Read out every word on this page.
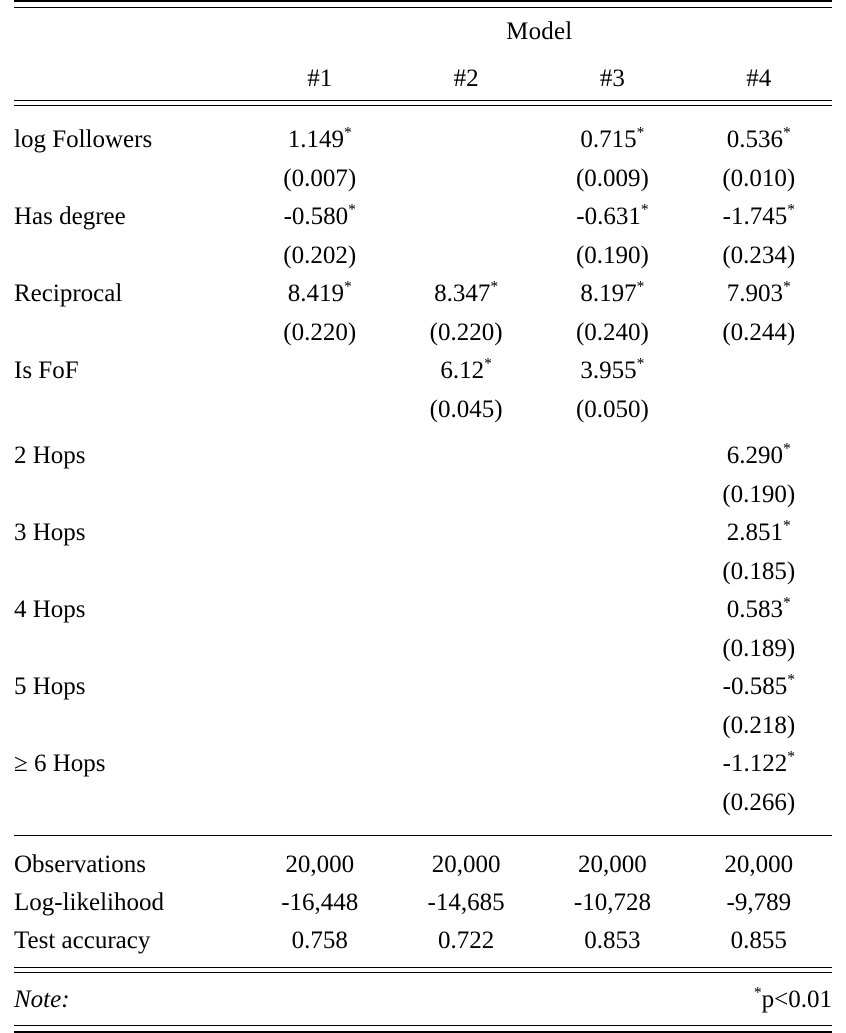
	Model			

	#1	#2	#3	#4

log Followers	1.149*		0.715*	0.536*
	(0.007)		(0.009)	(0.010)
Has degree	-0.580*		-0.631*	-1.745*
	(0.202)		(0.190)	(0.234)
Reciprocal	8.419*	8.347*	8.197*	7.903*
	(0.220)	(0.220)	(0.240)	(0.244)
Is FoF		6.12*	3.955*	
		(0.045)	(0.050)	

2 Hops				6.290*
				(0.190)
3 Hops				2.851*
				(0.185)
4 Hops				0.583*
				(0.189)
5 Hops				-0.585*
				(0.218)
≥ 6 Hops				-1.122*
				(0.266)

Observations	20,000	20,000	20,000	20,000
Log-likelihood	-16,448	-14,685	-10,728	-9,789
Test accuracy	0.758	0.722	0.853	0.855

Note:		*p<0.01		
